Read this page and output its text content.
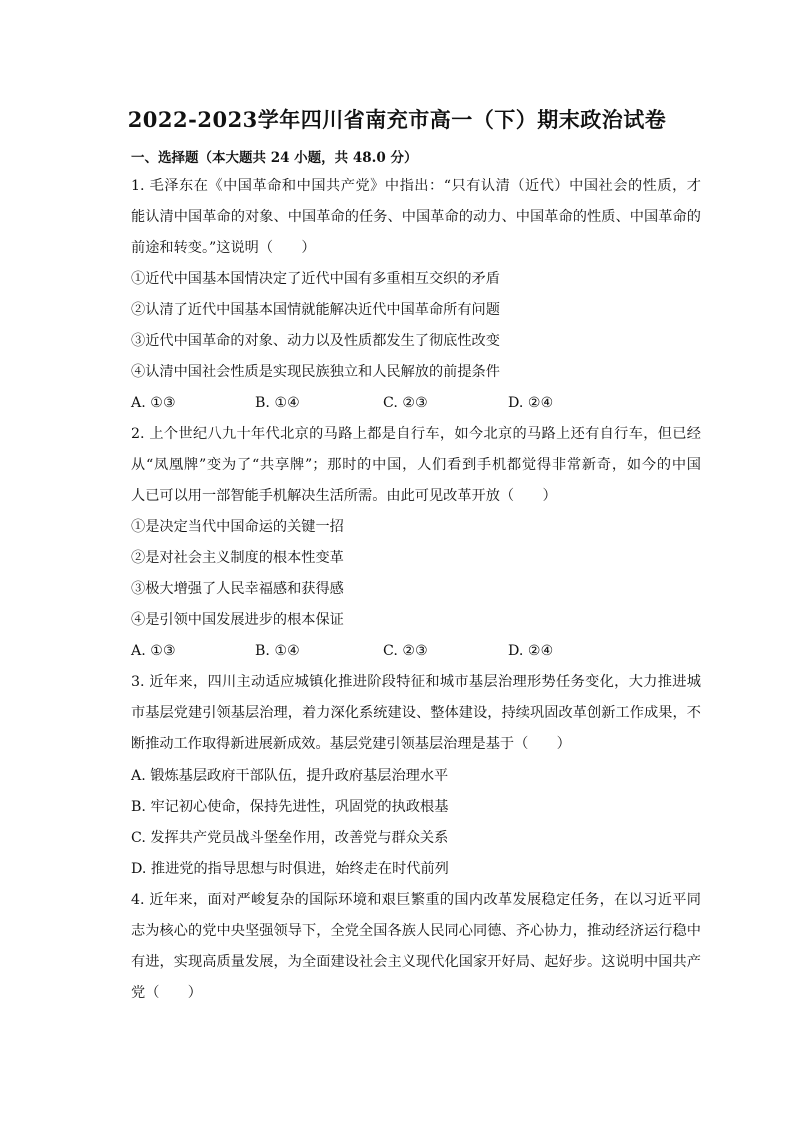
2022-2023学年四川省南充市高一（下）期末政治试卷
一、选择题（本大题共 24 小题，共 48.0 分）
1. 毛泽东在《中国革命和中国共产党》中指出：“只有认清（近代）中国社会的性质，才
能认清中国革命的对象、中国革命的任务、中国革命的动力、中国革命的性质、中国革命的
前途和转变。”这说明（　　）
①近代中国基本国情决定了近代中国有多重相互交织的矛盾
②认清了近代中国基本国情就能解决近代中国革命所有问题
③近代中国革命的对象、动力以及性质都发生了彻底性改变
④认清中国社会性质是实现民族独立和人民解放的前提条件
A. ①③	B. ①④	C. ②③	D. ②④
2. 上个世纪八九十年代北京的马路上都是自行车，如今北京的马路上还有自行车，但已经
从“凤凰牌”变为了“共享牌”；那时的中国，人们看到手机都觉得非常新奇，如今的中国
人已可以用一部智能手机解决生活所需。由此可见改革开放（　　）
①是决定当代中国命运的关键一招
②是对社会主义制度的根本性变革
③极大增强了人民幸福感和获得感
④是引领中国发展进步的根本保证
A. ①③	B. ①④	C. ②③	D. ②④
3. 近年来，四川主动适应城镇化推进阶段特征和城市基层治理形势任务变化，大力推进城
市基层党建引领基层治理，着力深化系统建设、整体建设，持续巩固改革创新工作成果，不
断推动工作取得新进展新成效。基层党建引领基层治理是基于（　　）
A. 锻炼基层政府干部队伍，提升政府基层治理水平
B. 牢记初心使命，保持先进性，巩固党的执政根基
C. 发挥共产党员战斗堡垒作用，改善党与群众关系
D. 推进党的指导思想与时俱进，始终走在时代前列
4. 近年来，面对严峻复杂的国际环境和艰巨繁重的国内改革发展稳定任务，在以习近平同
志为核心的党中央坚强领导下，全党全国各族人民同心同德、齐心协力，推动经济运行稳中
有进，实现高质量发展，为全面建设社会主义现代化国家开好局、起好步。这说明中国共产
党（　　）
